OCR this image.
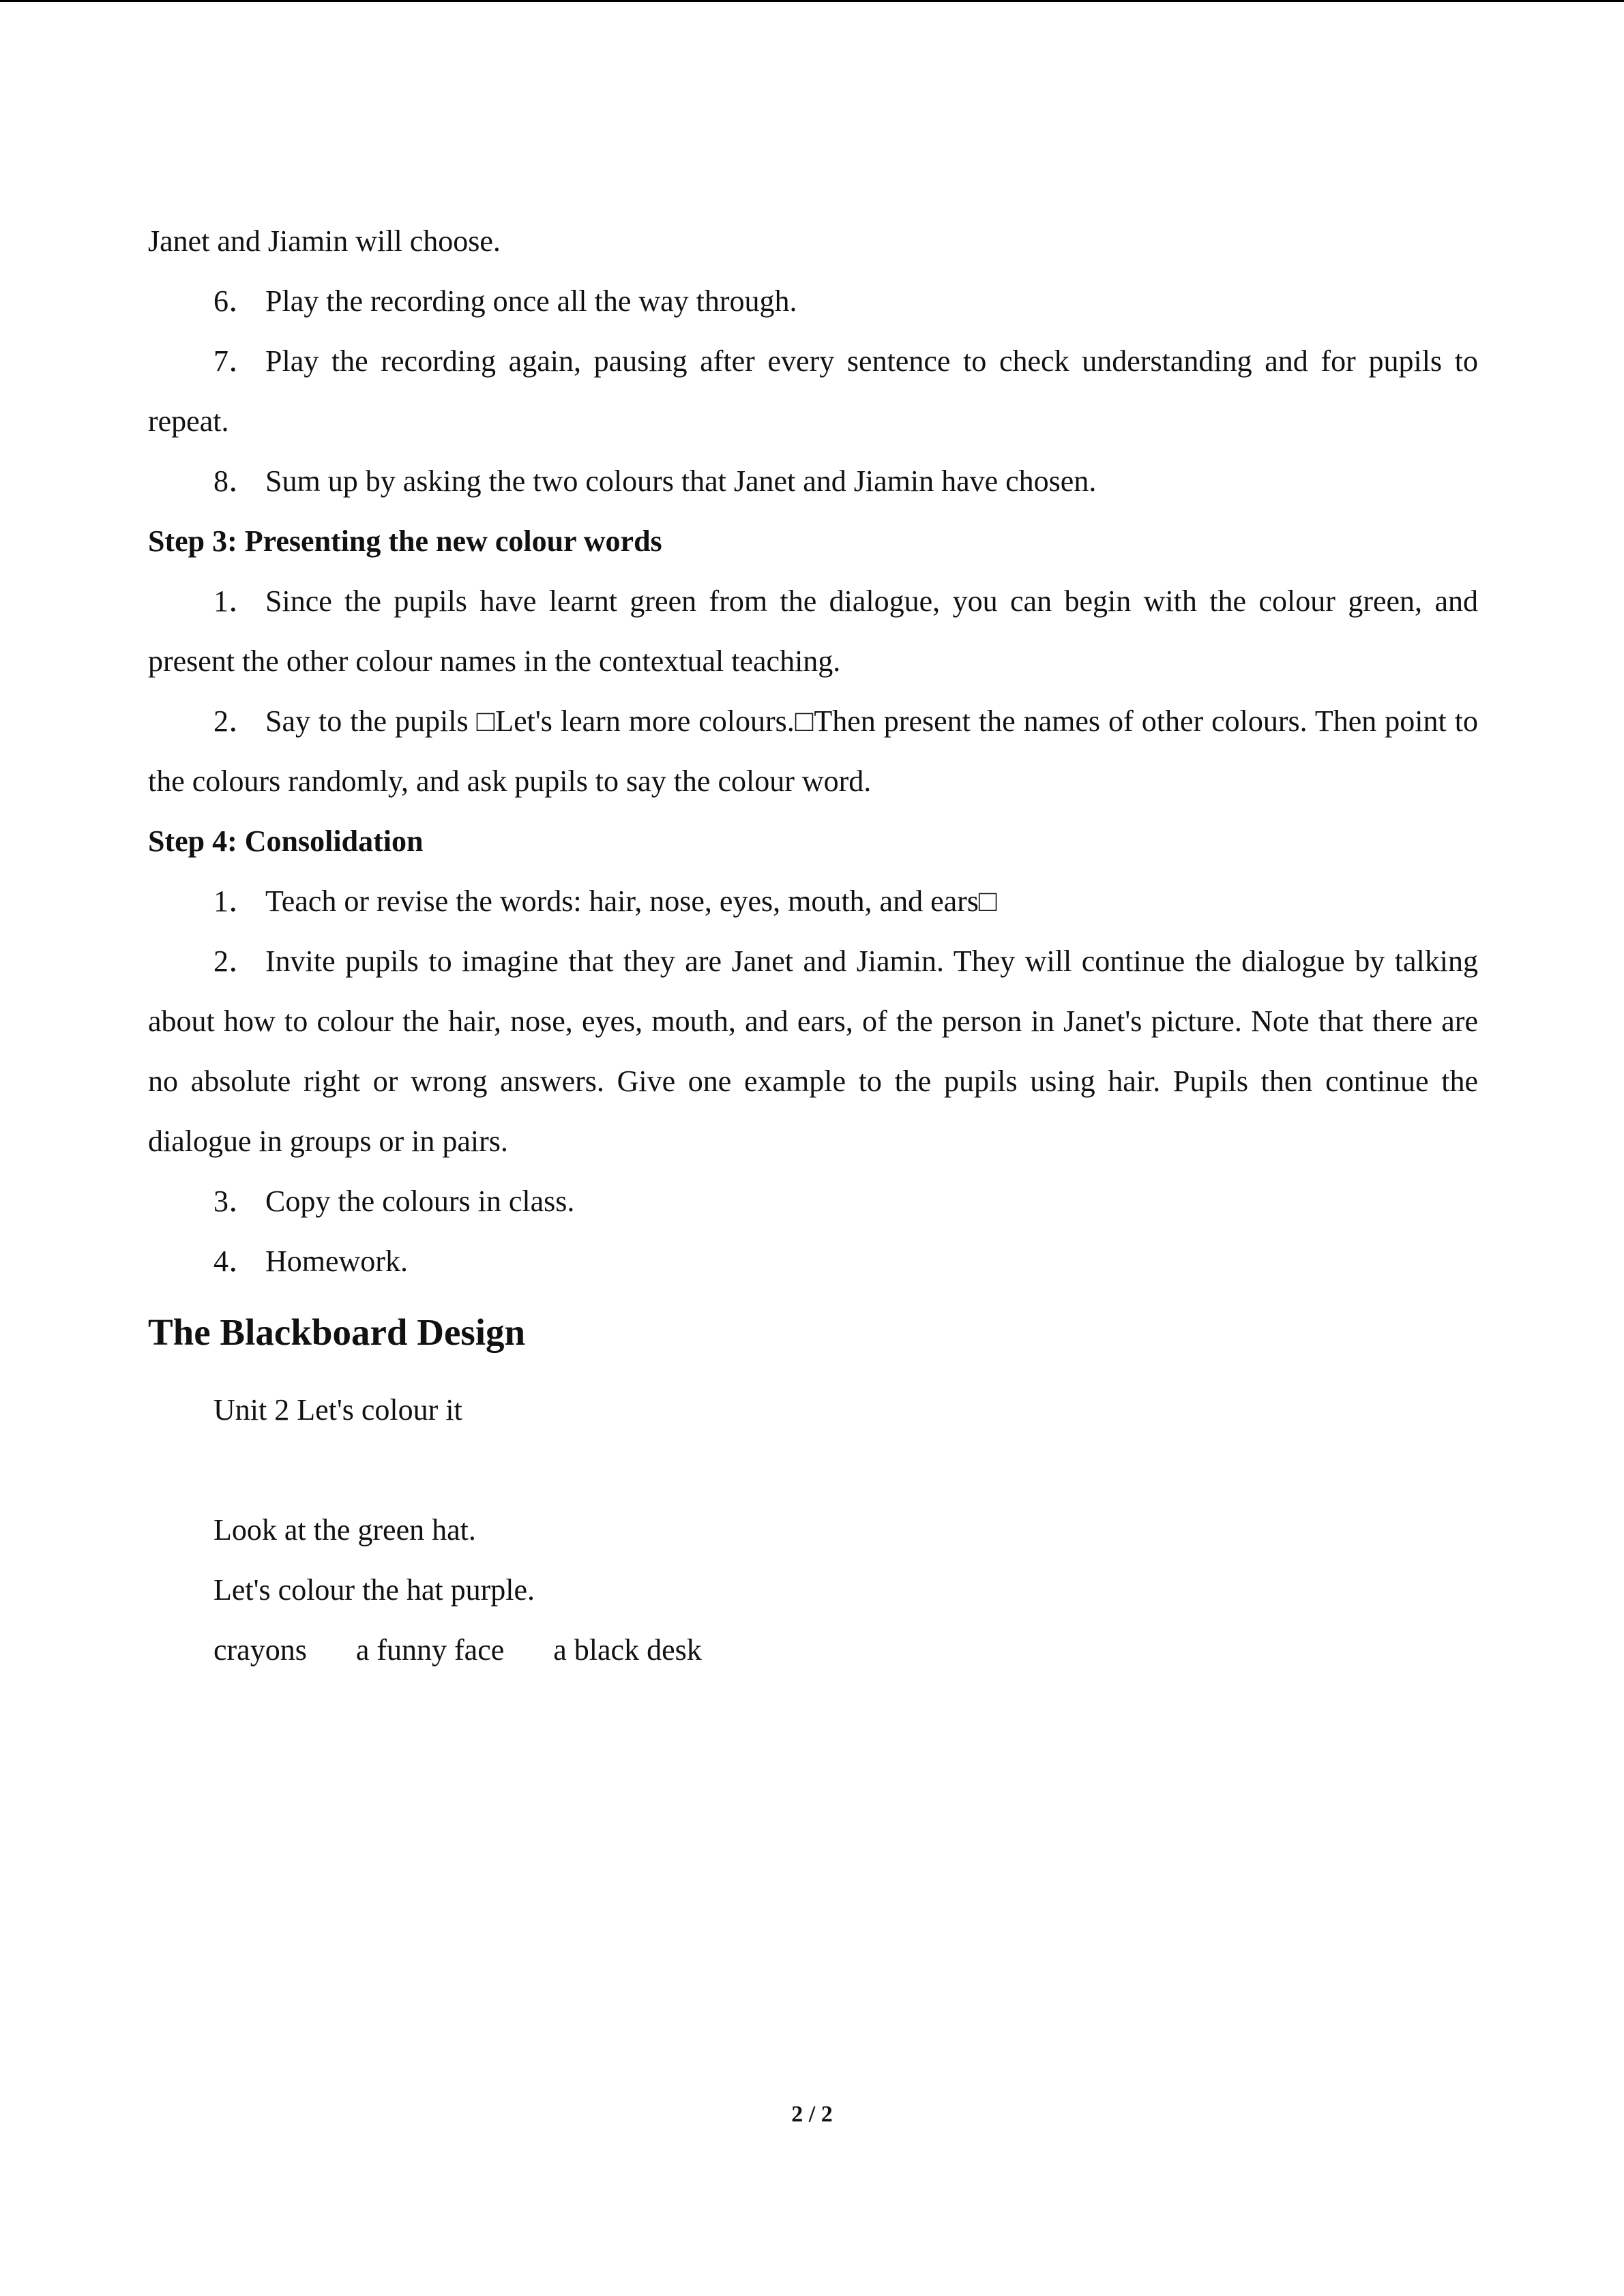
Janet and Jiamin will choose.

6． Play the recording once all the way through.

7． Play the recording again, pausing after every sentence to check understanding and for pupils to repeat.

8． Sum up by asking the two colours that Janet and Jiamin have chosen.

Step 3: Presenting the new colour words

1． Since the pupils have learnt green from the dialogue, you can begin with the colour green, and present the other colour names in the contextual teaching.

2． Say to the pupils □Let's learn more colours.□Then present the names of other colours. Then point to the colours randomly, and ask pupils to say the colour word.

Step 4: Consolidation

1． Teach or revise the words: hair, nose, eyes, mouth, and ears□

2． Invite pupils to imagine that they are Janet and Jiamin. They will continue the dialogue by talking about how to colour the hair, nose, eyes, mouth, and ears, of the person in Janet's picture. Note that there are no absolute right or wrong answers. Give one example to the pupils using hair. Pupils then continue the dialogue in groups or in pairs.

3． Copy the colours in class.

4． Homework.

The Blackboard Design

Unit 2 Let's colour it

Look at the green hat.

Let's colour the hat purple.

crayons a funny face a black desk
2 / 2
